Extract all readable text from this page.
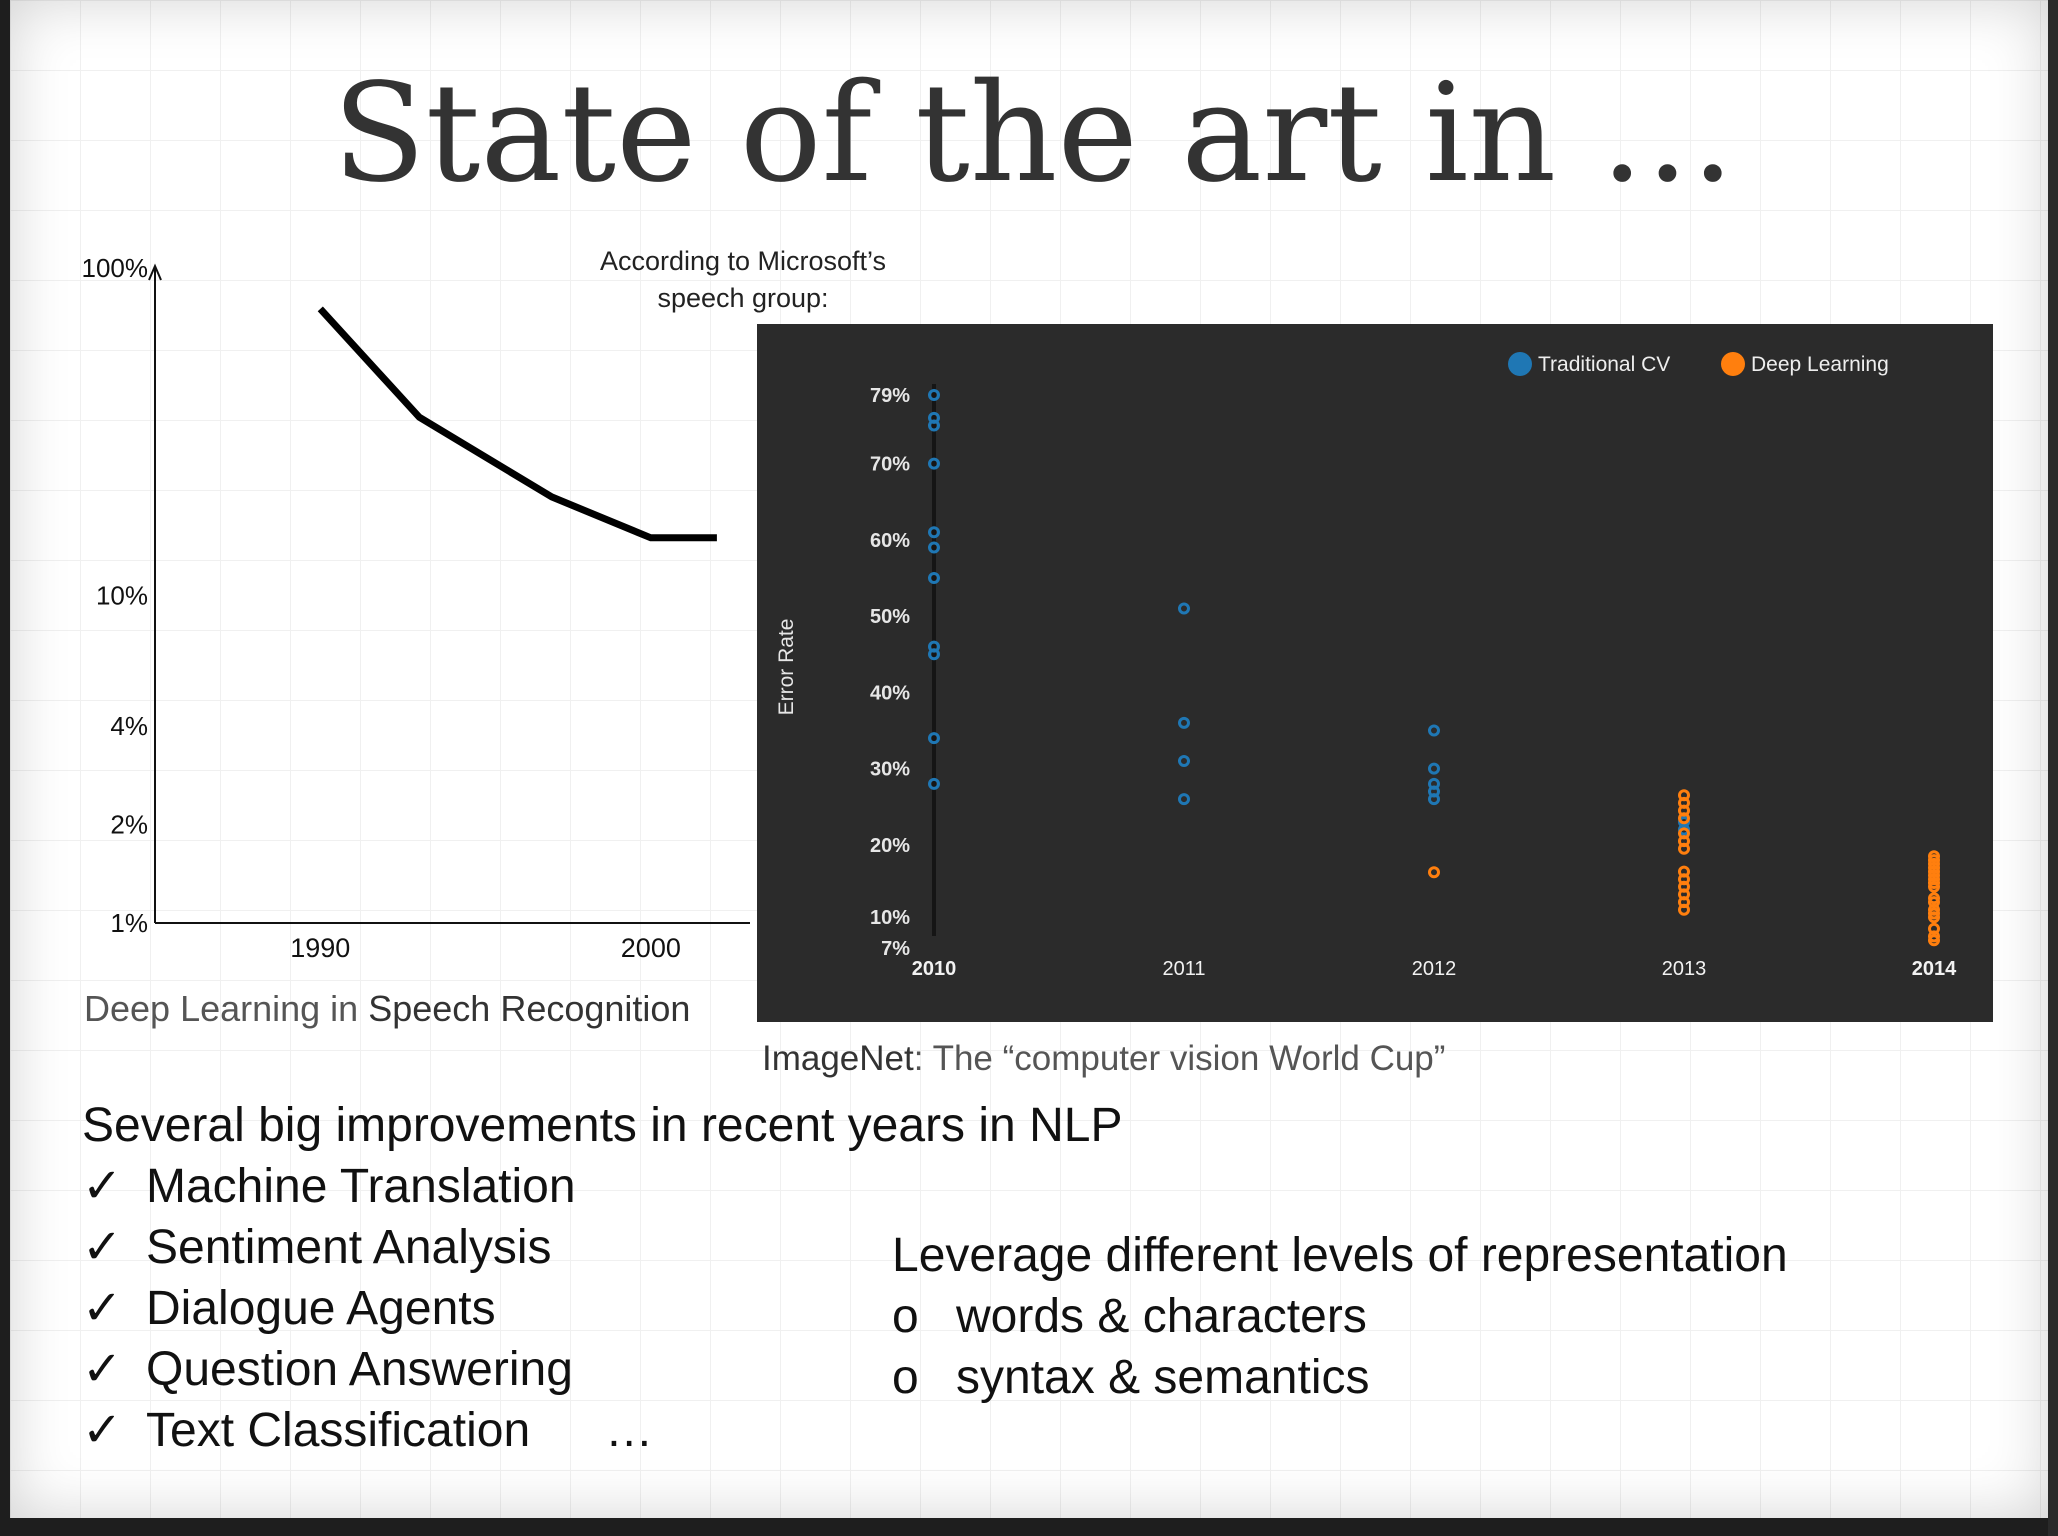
State of the art in …
According to Microsoft’s
speech group:
100%
10%
4%
2%
1%
1990	2000
Traditional CV	Deep Learning
Error Rate
79%
70%
60%
50%
40%
30%
20%
10%
7%
2010	2011	2012	2013	2014
Deep Learning in Speech Recognition
ImageNet: The “computer vision World Cup”
Several big improvements in recent years in NLP
✓ Machine Translation
✓ Sentiment Analysis
✓ Dialogue Agents
✓ Question Answering
✓ Text Classification …
Leverage different levels of representation
o words & characters
o syntax & semantics
